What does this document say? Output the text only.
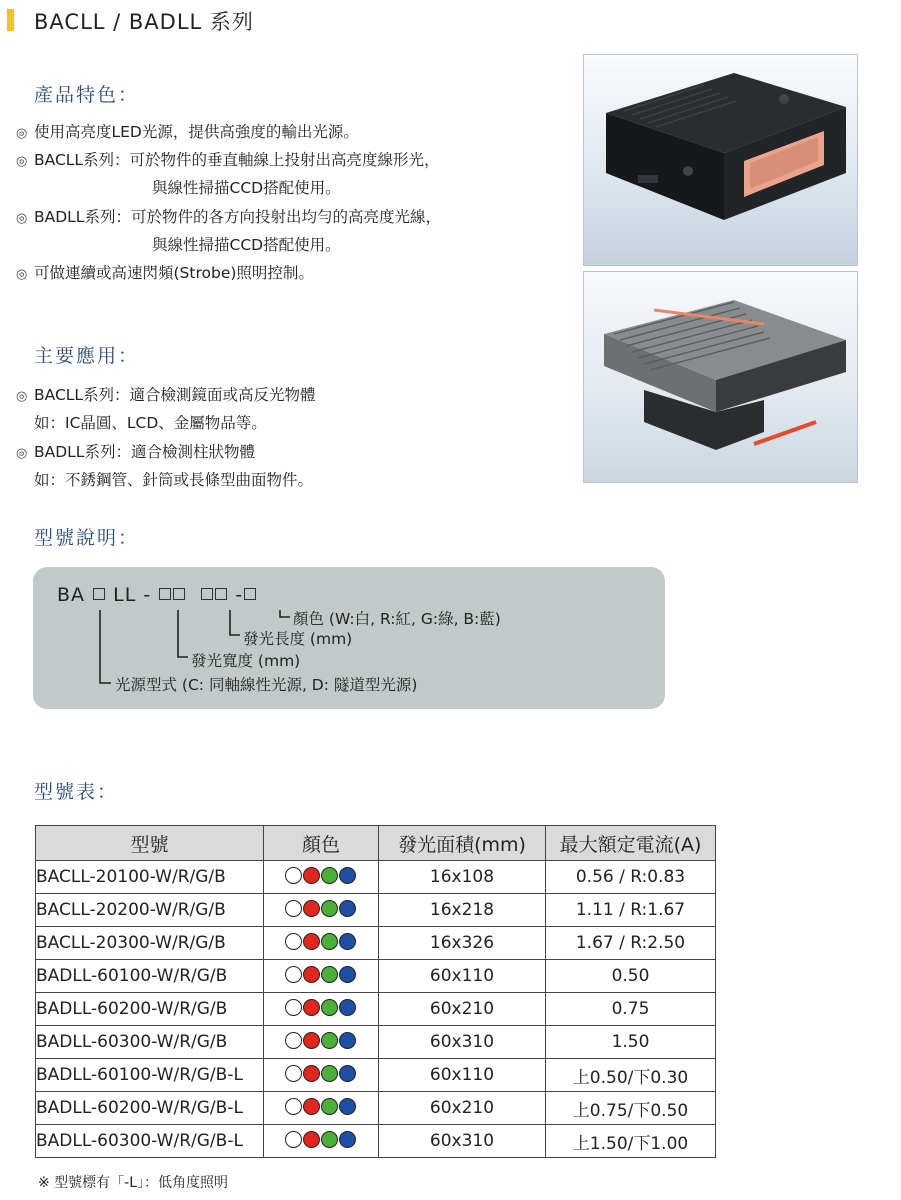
BACLL / BADLL 系列
產品特色：
◎ 使用高亮度LED光源，提供高強度的輸出光源。
◎ BACLL系列：可於物件的垂直軸線上投射出高亮度線形光，
與線性掃描CCD搭配使用。
◎ BADLL系列：可於物件的各方向投射出均勻的高亮度光線，
與線性掃描CCD搭配使用。
◎ 可做連續或高速閃頻(Strobe)照明控制。
主要應用：
◎ BACLL系列：適合檢測鏡面或高反光物體
如：IC晶圓、LCD、金屬物品等。
◎ BADLL系列：適合檢測柱狀物體
如：不銹鋼管、針筒或長條型曲面物件。
型號說明：
BA LL -	-
顏色 (W:白, R:紅, G:綠, B:藍)
發光長度 (mm)
發光寬度 (mm)
光源型式 (C: 同軸線性光源, D: 隧道型光源)
型號表：
型號	顏色	發光面積(mm)	最大額定電流(A)
BACLL-20100-W/R/G/B		16x108	0.56 / R:0.83
BACLL-20200-W/R/G/B		16x218	1.11 / R:1.67
BACLL-20300-W/R/G/B		16x326	1.67 / R:2.50
BADLL-60100-W/R/G/B		60x110	0.50
BADLL-60200-W/R/G/B		60x210	0.75
BADLL-60300-W/R/G/B		60x310	1.50
BADLL-60100-W/R/G/B-L		60x110	上0.50/下0.30
BADLL-60200-W/R/G/B-L		60x210	上0.75/下0.50
BADLL-60300-W/R/G/B-L		60x310	上1.50/下1.00
※ 型號標有「-L」：低角度照明
